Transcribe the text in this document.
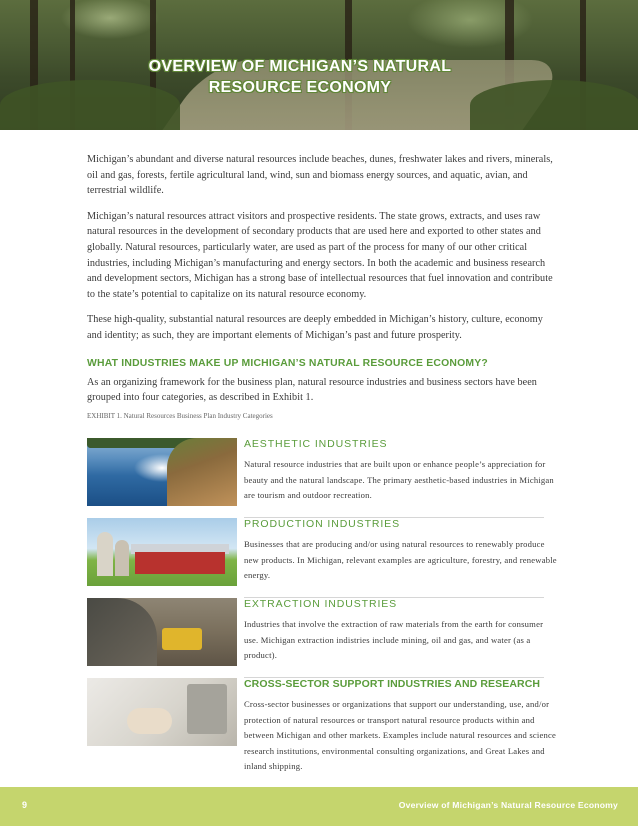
OVERVIEW OF MICHIGAN’S NATURAL
RESOURCE ECONOMY

Michigan’s abundant and diverse natural resources include beaches, dunes, freshwater lakes and rivers, minerals, oil and gas, forests, fertile agricultural land, wind, sun and biomass energy sources, and aquatic, avian, and terrestrial wildlife.

Michigan’s natural resources attract visitors and prospective residents. The state grows, extracts, and uses raw natural resources in the development of secondary products that are used here and exported to other states and globally. Natural resources, particularly water, are used as part of the process for many of our other critical industries, including Michigan’s manufacturing and energy sectors. In both the academic and business research and development sectors, Michigan has a strong base of intellectual resources that fuel innovation and contribute to the state’s potential to capitalize on its natural resource economy.

These high-quality, substantial natural resources are deeply embedded in Michigan’s history, culture, economy and identity; as such, they are important elements of Michigan’s past and future prosperity.

WHAT INDUSTRIES MAKE UP MICHIGAN’S NATURAL RESOURCE ECONOMY?

As an organizing framework for the business plan, natural resource industries and business sectors have been grouped into four categories, as described in Exhibit 1.

EXHIBIT 1. Natural Resources Business Plan Industry Categories
AESTHETIC INDUSTRIES
Natural resource industries that are built upon or enhance people’s appreciation for beauty and the natural landscape. The primary aesthetic-based industries in Michigan are tourism and outdoor recreation.
PRODUCTION INDUSTRIES
Businesses that are producing and/or using natural resources to renewably produce new products. In Michigan, relevant examples are agriculture, forestry, and renewable energy.
EXTRACTION INDUSTRIES
Industries that involve the extraction of raw materials from the earth for consumer use. Michigan extraction indistries include mining, oil and gas, and water (as a product).
CROSS-SECTOR SUPPORT INDUSTRIES AND RESEARCH
Cross-sector businesses or organizations that support our understanding, use, and/or protection of natural resources or transport natural resource products within and between Michigan and other markets. Examples include natural resources and science research institutions, environmental consulting organizations, and Great Lakes and inland shipping.
9	Overview of Michigan’s Natural Resource Economy
